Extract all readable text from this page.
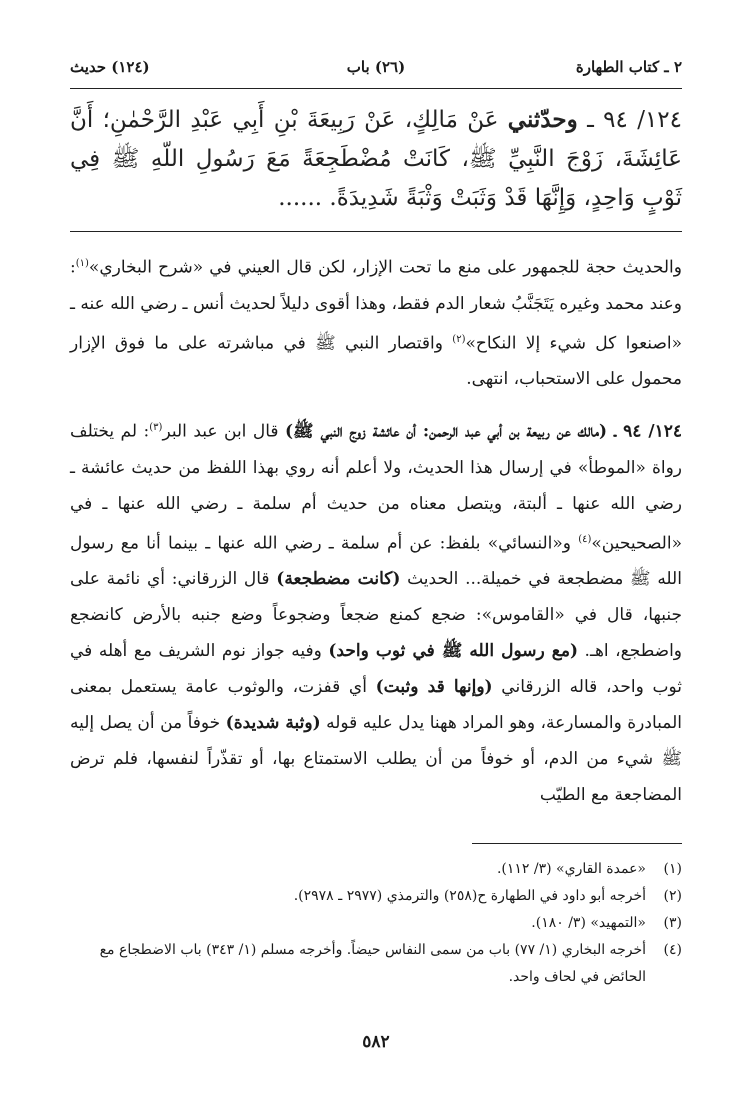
٢ ـ كتاب الطهارة
(٢٦) باب
(١٢٤) حديث
١٢٤/ ٩٤ ـ وحدّثني عَنْ مَالِكٍ، عَنْ رَبِيعَةَ بْنِ أَبِي عَبْدِ الرَّحْمٰنِ؛ أَنَّ عَائِشَةَ، زَوْجَ النَّبِيِّ ﷺ، كَانَتْ مُضْطَجِعَةً مَعَ رَسُولِ اللّهِ ﷺ فِي ثَوْبٍ وَاحِدٍ، وَإِنَّهَا قَدْ وَثَبَتْ وَثْبَةً شَدِيدَةً. ......

والحديث حجة للجمهور على منع ما تحت الإزار، لكن قال العيني في «شرح البخاري»$^{(١)}$: وعند محمد وغيره يَتَجَنَّبُ شعار الدم فقط، وهذا أقوى دليلاً لحديث أنس ـ رضي الله عنه ـ «اصنعوا كل شيء إلا النكاح»$^{(٢)}$ واقتصار النبي ﷺ في مباشرته على ما فوق الإزار محمول على الاستحباب، انتهى.

١٢٤/ ٩٤ ـ (مالك عن ربيعة بن أبي عبد الرحمن: أن عائشة زوج النبي ﷺ) قال ابن عبد البر$^{(٣)}$: لم يختلف رواة «الموطأ» في إرسال هذا الحديث، ولا أعلم أنه روي بهذا اللفظ من حديث عائشة ـ رضي الله عنها ـ ألبتة، ويتصل معناه من حديث أم سلمة ـ رضي الله عنها ـ في «الصحيحين»$^{(٤)}$ و«النسائي» بلفظ: عن أم سلمة ـ رضي الله عنها ـ بينما أنا مع رسول الله ﷺ مضطجعة في خميلة... الحديث (كانت مضطجعة) قال الزرقاني: أي نائمة على جنبها، قال في «القاموس»: ضجع كمنع ضجعاً وضجوعاً وضع جنبه بالأرض كانضجع واضطجع، اهـ. (مع رسول الله ﷺ في ثوب واحد) وفيه جواز نوم الشريف مع أهله في ثوب واحد، قاله الزرقاني (وإنها قد وثبت) أي قفزت، والوثوب عامة يستعمل بمعنى المبادرة والمسارعة، وهو المراد ههنا يدل عليه قوله (وثبة شديدة) خوفاً من أن يصل إليه ﷺ شيء من الدم، أو خوفاً من أن يطلب الاستمتاع بها، أو تقذّراً لنفسها، فلم ترض المضاجعة مع الطيّب

(١)
«عمدة القاري» (٣/ ١١٢).
(٢)
أخرجه أبو داود في الطهارة ح(٢٥٨) والترمذي (٢٩٧٧ ـ ٢٩٧٨).
(٣)
«التمهيد» (٣/ ١٨٠).
(٤)
أخرجه البخاري (١/ ٧٧) باب من سمى النفاس حيضاً. وأخرجه مسلم (١/ ٣٤٣) باب الاضطجاع مع الحائض في لحاف واحد.
٥٨٢
